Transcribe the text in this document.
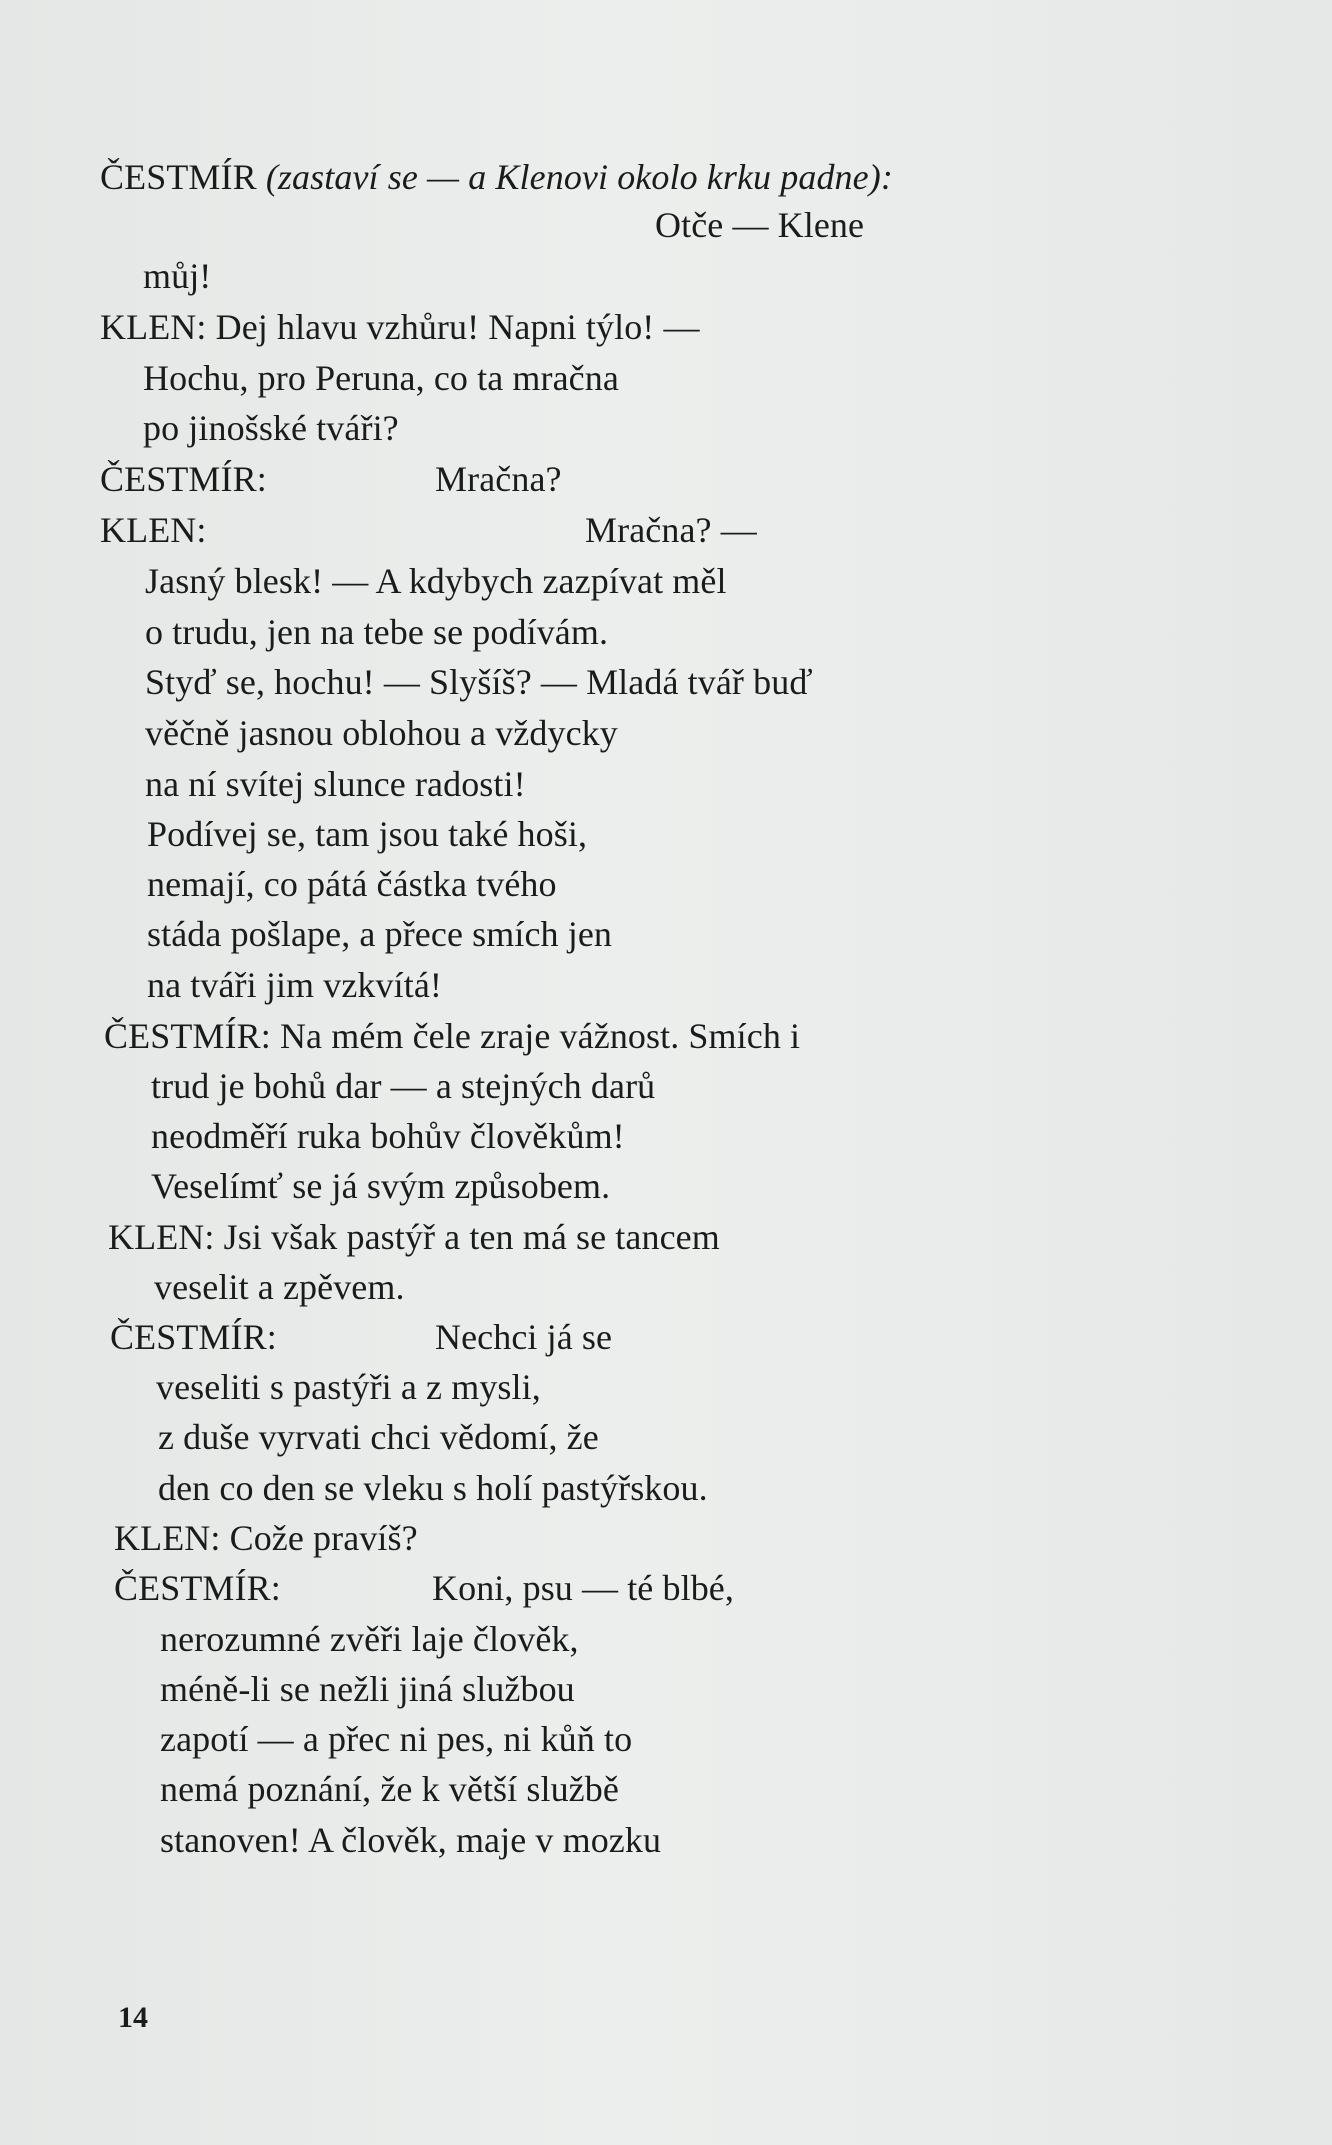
ČESTMÍR (zastaví se — a Klenovi okolo krku padne):
Otče — Klene
můj!
KLEN: Dej hlavu vzhůru! Napni týlo! —
Hochu, pro Peruna, co ta mračna
po jinošské tváři?
ČESTMÍR:	Mračna?
KLEN:	Mračna? —
Jasný blesk! — A kdybych zazpívat měl
o trudu, jen na tebe se podívám.
Styď se, hochu! — Slyšíš? — Mladá tvář buď
věčně jasnou oblohou a vždycky
na ní svítej slunce radosti!
Podívej se, tam jsou také hoši,
nemají, co pátá částka tvého
stáda pošlape, a přece smích jen
na tváři jim vzkvítá!
ČESTMÍR: Na mém čele zraje vážnost. Smích i
trud je bohů dar — a stejných darů
neodměří ruka bohův člověkům!
Veselímť se já svým způsobem.
KLEN: Jsi však pastýř a ten má se tancem
veselit a zpěvem.
ČESTMÍR:	Nechci já se
veseliti s pastýři a z mysli,
z duše vyrvati chci vědomí, že
den co den se vleku s holí pastýřskou.
KLEN: Cože pravíš?
ČESTMÍR:	Koni, psu — té blbé,
nerozumné zvěři laje člověk,
méně-li se nežli jiná službou
zapotí — a přec ni pes, ni kůň to
nemá poznání, že k větší službě
stanoven! A člověk, maje v mozku
14
